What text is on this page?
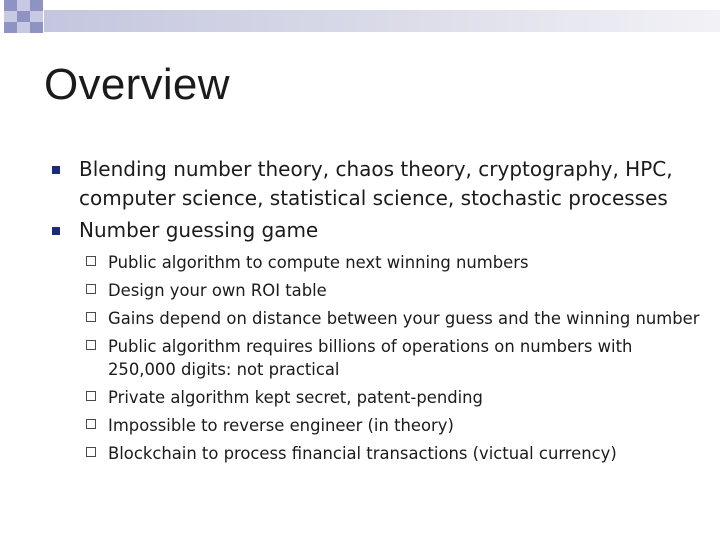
Overview
Blending number theory, chaos theory, cryptography, HPC, computer science, statistical science, stochastic processes
Number guessing game
Public algorithm to compute next winning numbers
Design your own ROI table
Gains depend on distance between your guess and the winning number
Public algorithm requires billions of operations on numbers with 250,000 digits: not practical
Private algorithm kept secret, patent-pending
Impossible to reverse engineer (in theory)
Blockchain to process financial transactions (victual currency)
